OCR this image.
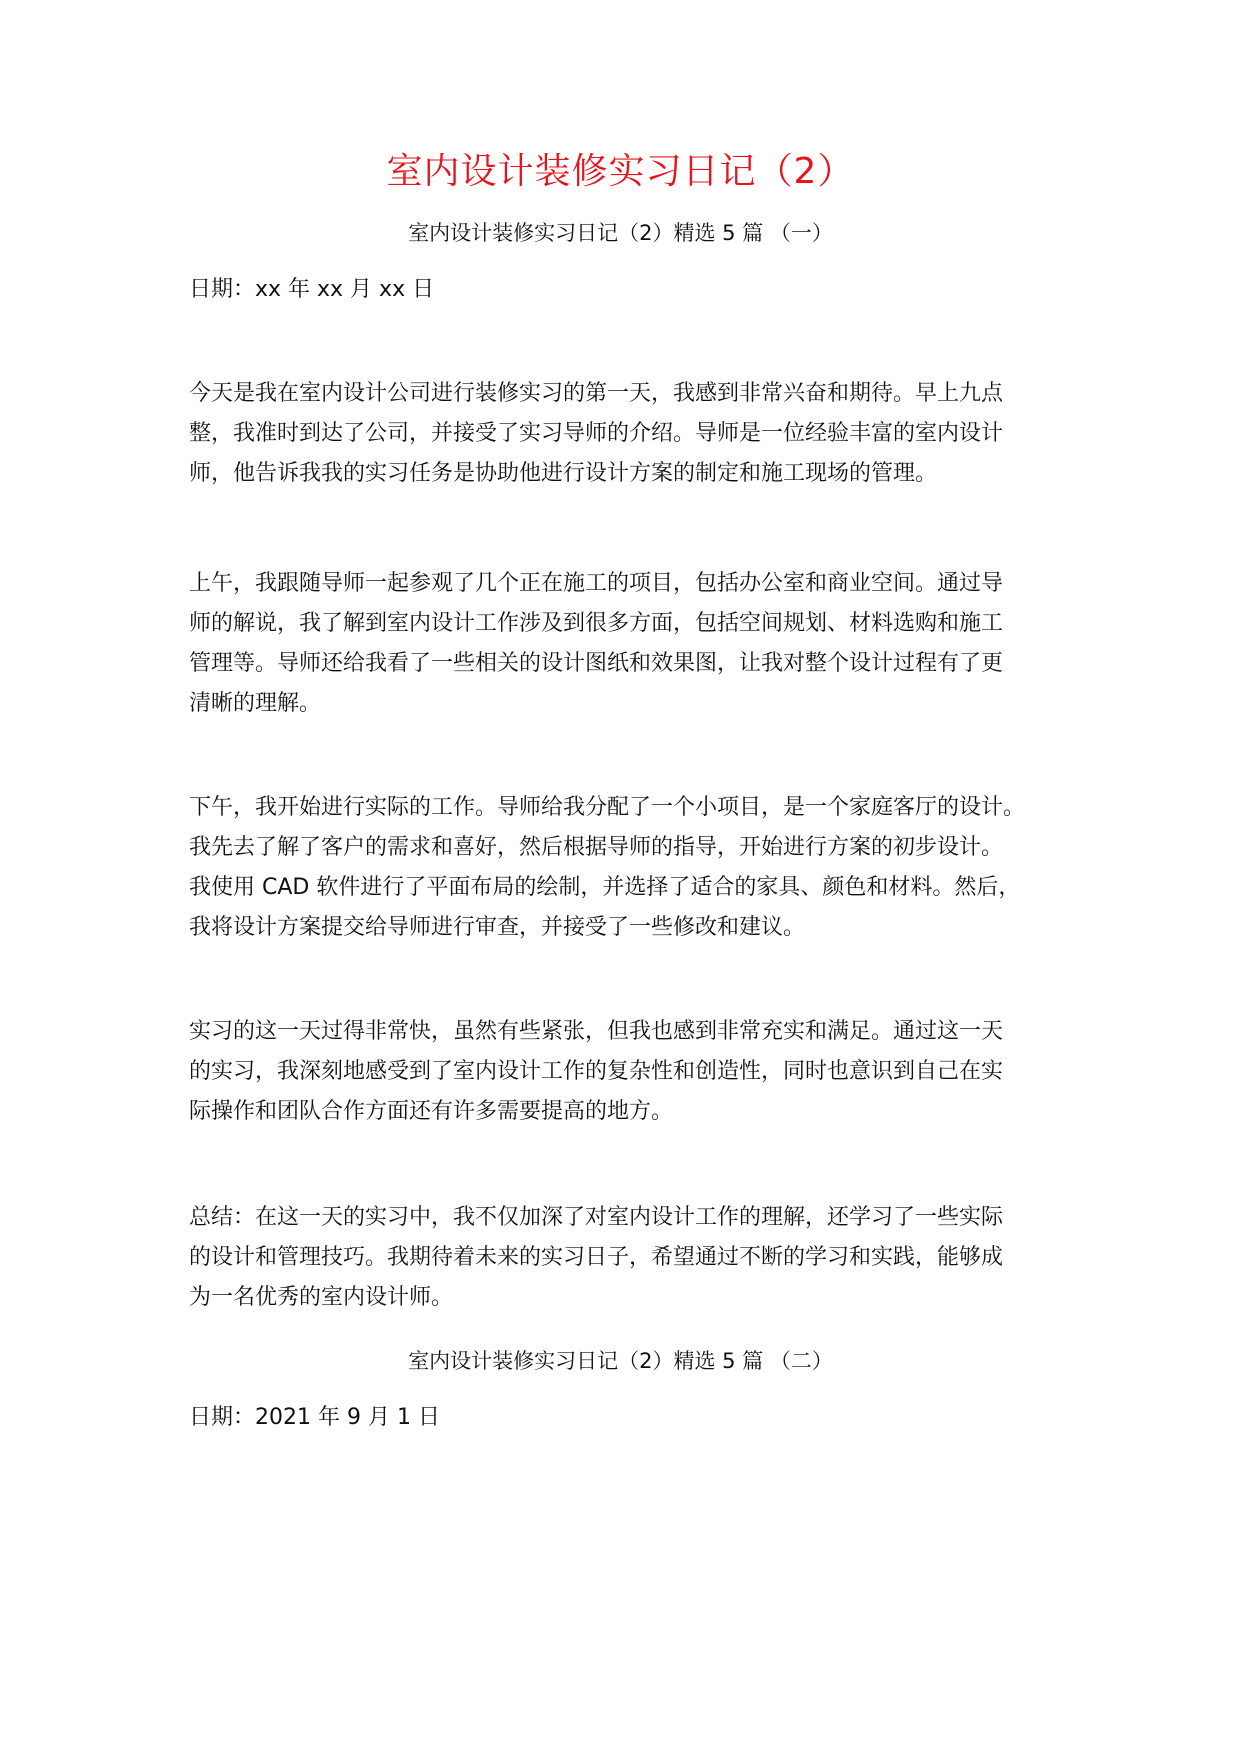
室内设计装修实习日记（2）
室内设计装修实习日记（2）精选 5 篇 （一）
日期：xx 年 xx 月 xx 日
今天是我在室内设计公司进行装修实习的第一天，我感到非常兴奋和期待。早上九点
整，我准时到达了公司，并接受了实习导师的介绍。导师是一位经验丰富的室内设计
师，他告诉我我的实习任务是协助他进行设计方案的制定和施工现场的管理。
上午，我跟随导师一起参观了几个正在施工的项目，包括办公室和商业空间。通过导
师的解说，我了解到室内设计工作涉及到很多方面，包括空间规划、材料选购和施工
管理等。导师还给我看了一些相关的设计图纸和效果图，让我对整个设计过程有了更
清晰的理解。
下午，我开始进行实际的工作。导师给我分配了一个小项目，是一个家庭客厅的设计。
我先去了解了客户的需求和喜好，然后根据导师的指导，开始进行方案的初步设计。
我使用 CAD 软件进行了平面布局的绘制，并选择了适合的家具、颜色和材料。然后，
我将设计方案提交给导师进行审查，并接受了一些修改和建议。
实习的这一天过得非常快，虽然有些紧张，但我也感到非常充实和满足。通过这一天
的实习，我深刻地感受到了室内设计工作的复杂性和创造性，同时也意识到自己在实
际操作和团队合作方面还有许多需要提高的地方。
总结：在这一天的实习中，我不仅加深了对室内设计工作的理解，还学习了一些实际
的设计和管理技巧。我期待着未来的实习日子，希望通过不断的学习和实践，能够成
为一名优秀的室内设计师。
室内设计装修实习日记（2）精选 5 篇 （二）
日期：2021 年 9 月 1 日
